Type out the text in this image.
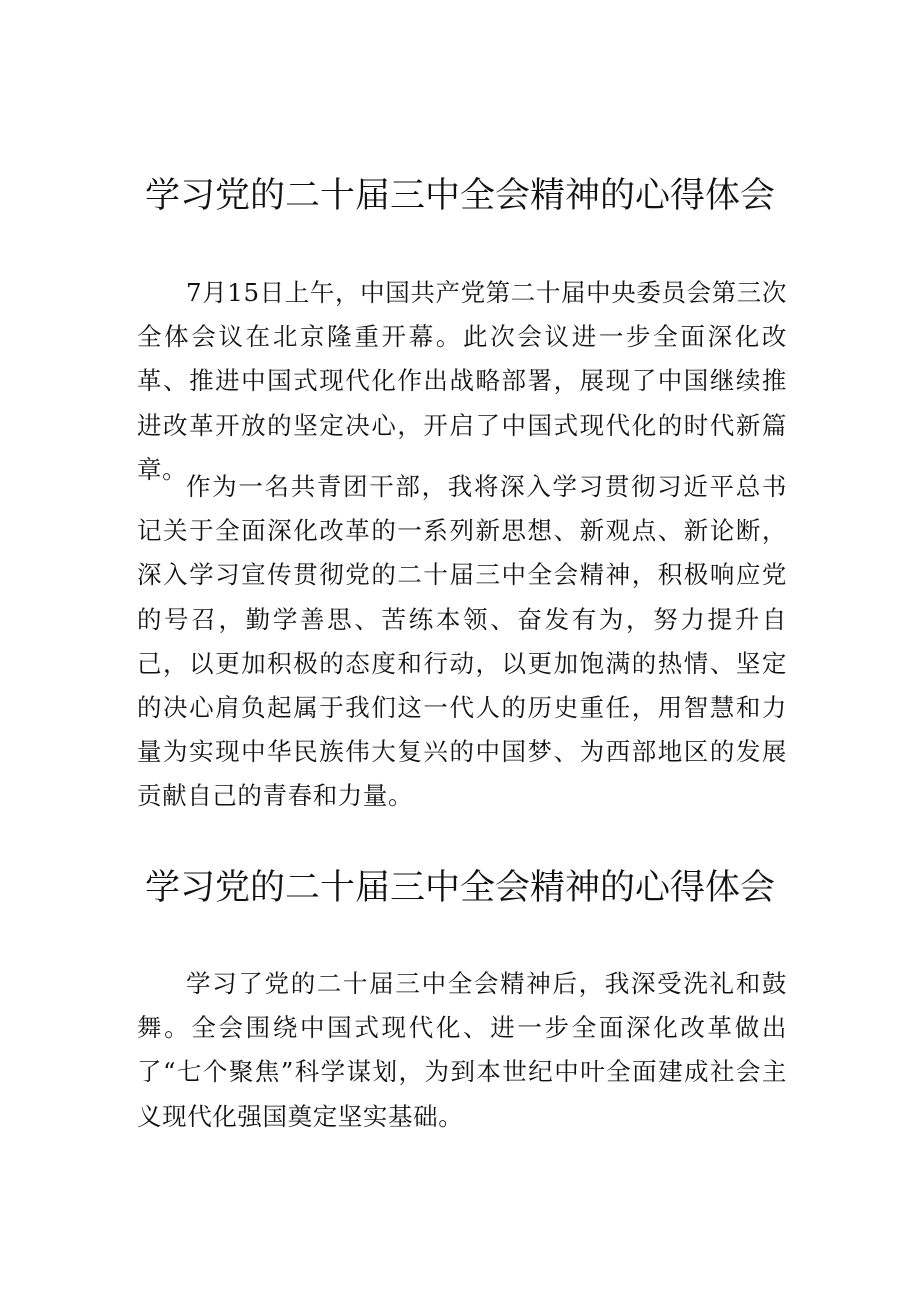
学习党的二十届三中全会精神的心得体会

7月15日上午，中国共产党第二十届中央委员会第三次全体会议在北京隆重开幕。此次会议进一步全面深化改革、推进中国式现代化作出战略部署，展现了中国继续推进改革开放的坚定决心，开启了中国式现代化的时代新篇章。

作为一名共青团干部，我将深入学习贯彻习近平总书记关于全面深化改革的一系列新思想、新观点、新论断，深入学习宣传贯彻党的二十届三中全会精神，积极响应党的号召，勤学善思、苦练本领、奋发有为，努力提升自己，以更加积极的态度和行动，以更加饱满的热情、坚定的决心肩负起属于我们这一代人的历史重任，用智慧和力量为实现中华民族伟大复兴的中国梦、为西部地区的发展贡献自己的青春和力量。

学习党的二十届三中全会精神的心得体会

学习了党的二十届三中全会精神后，我深受洗礼和鼓舞。全会围绕中国式现代化、进一步全面深化改革做出了“七个聚焦”科学谋划，为到本世纪中叶全面建成社会主义现代化强国奠定坚实基础。
